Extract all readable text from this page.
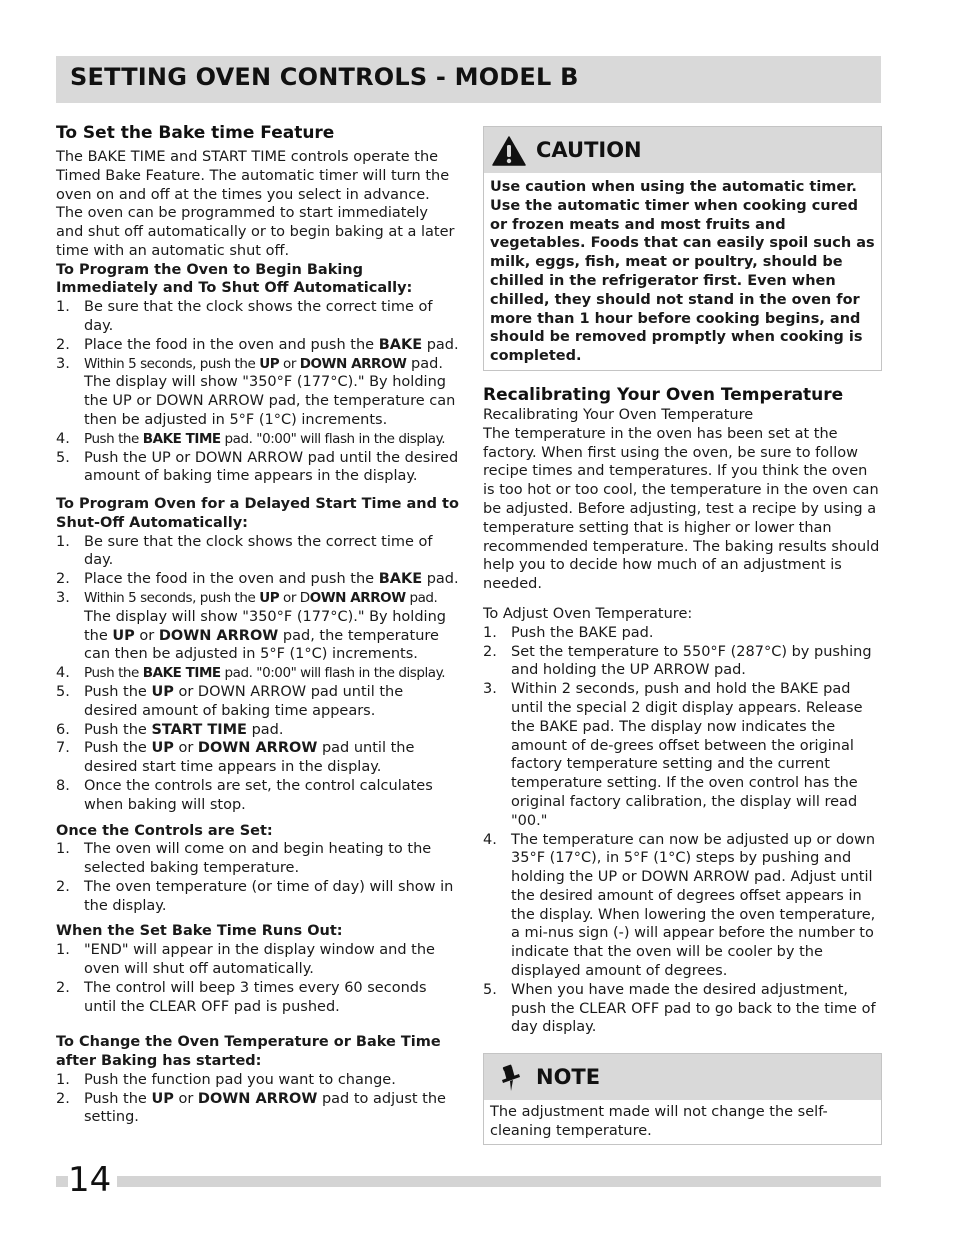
SETTING OVEN CONTROLS - MODEL B
To Set the Bake time Feature

The BAKE TIME and START TIME controls operate the Timed Bake Feature. The automatic timer will turn the oven on and off at the times you select in advance. The oven can be programmed to start immediately and shut off automatically or to begin baking at a later time with an automatic shut off.

To Program the Oven to Begin Baking Immediately and To Shut Off Automatically:
1. Be sure that the clock shows the correct time of day.
2. Place the food in the oven and push the BAKE pad.
3. Within 5 seconds, push the UP or DOWN ARROW pad. The display will show "350°F (177°C)." By holding the UP or DOWN ARROW pad, the temperature can then be adjusted in 5°F (1°C) increments.
4. Push the BAKE TIME pad. "0:00" will flash in the display.
5. Push the UP or DOWN ARROW pad until the desired amount of baking time appears in the display.
To Program Oven for a Delayed Start Time and to Shut-Off Automatically:
1. Be sure that the clock shows the correct time of day.
2. Place the food in the oven and push the BAKE pad.
3. Within 5 seconds, push the UP or DOWN ARROW pad. The display will show "350°F (177°C)." By holding the UP or DOWN ARROW pad, the temperature can then be adjusted in 5°F (1°C) increments.
4. Push the BAKE TIME pad. "0:00" will flash in the display.
5. Push the UP or DOWN ARROW pad until the desired amount of baking time appears.
6. Push the START TIME pad.
7. Push the UP or DOWN ARROW pad until the desired start time appears in the display.
8. Once the controls are set, the control calculates when baking will stop.
Once the Controls are Set:
1. The oven will come on and begin heating to the selected baking temperature.
2. The oven temperature (or time of day) will show in the display.
When the Set Bake Time Runs Out:
1. "END" will appear in the display window and the oven will shut off automatically.
2. The control will beep 3 times every 60 seconds until the CLEAR OFF pad is pushed.
To Change the Oven Temperature or Bake Time after Baking has started:
1. Push the function pad you want to change.
2. Push the UP or DOWN ARROW pad to adjust the setting.
CAUTION
Use caution when using the automatic timer. Use the automatic timer when cooking cured or frozen meats and most fruits and vegetables. Foods that can easily spoil such as milk, eggs, fish, meat or poultry, should be chilled in the refrigerator first. Even when chilled, they should not stand in the oven for more than 1 hour before cooking begins, and should be removed promptly when cooking is completed.
Recalibrating Your Oven Temperature

Recalibrating Your Oven Temperature

The temperature in the oven has been set at the factory. When first using the oven, be sure to follow recipe times and temperatures. If you think the oven is too hot or too cool, the temperature in the oven can be adjusted. Before adjusting, test a recipe by using a temperature setting that is higher or lower than recommended temperature. The baking results should help you to decide how much of an adjustment is needed.

To Adjust Oven Temperature:

1. Push the BAKE pad.
2. Set the temperature to 550°F (287°C) by pushing and holding the UP ARROW pad.
3. Within 2 seconds, push and hold the BAKE pad until the special 2 digit display appears. Release the BAKE pad. The display now indicates the amount of de-grees offset between the original factory temperature setting and the current temperature setting. If the oven control has the original factory calibration, the display will read "00."
4. The temperature can now be adjusted up or down 35°F (17°C), in 5°F (1°C) steps by pushing and holding the UP or DOWN ARROW pad. Adjust until the desired amount of degrees offset appears in the display. When lowering the oven temperature, a mi-nus sign (-) will appear before the number to indicate that the oven will be cooler by the displayed amount of degrees.
5. When you have made the desired adjustment, push the CLEAR OFF pad to go back to the time of day display.
NOTE
The adjustment made will not change the self-cleaning temperature.
14
